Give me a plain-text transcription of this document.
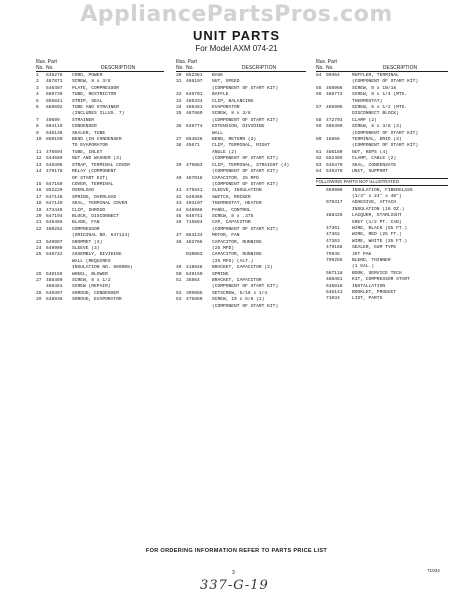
AppliancePartsPros.com
UNIT PARTS
For Model AXM 074-21
Illus. Part
No. No.	DESCRIPTION
1	646276	CORD, POWER
2	487871	SCREW, 8 x 3/8
3	646497	PLATE, COMPRESSOR
4	680739	TUBE, RESTRICTOR
5	855841	STRIP, SEAL
6	689692	TUBE AND STRAINER
(INCLUDES ILLUS. 7)
7	49699	STRAINER
8	694119	CONDENSER
9	646136	SEALER, TUBE
10 850199	BEND (IN CONDENSER
TO EVAPORATOR
11 476694	TUBE, INLET
12 544589	NUT AND WASHER (3)
13 648398	STRAP, TERMINAL COVER
14 479178	RELAY (COMPONENT
OF START KIT)
15 647150	COVER, TERMINAL
16 852229	OVERLOAD
17 647148	SPRING, OVERLOAD
18 647149	SEAL, TERMINAL COVER
19 473445	CLIP, SHROUD
20 647194	BLOCK, DISCONNECT
21 649465	BLADE, FAN
22 480262	COMPRESSOR
(ORIGINAL NO. 647124)
23 649997	GROMMET (3)
24 649909	SLEEVE (3)
25 648742	ASSEMBLY, DIVIDING
WALL (REQUIRES
INSULATION NO. 669908)
26 649159	WHEEL, BLOWER
27 488480	SCREW, 8 x 1/2
488481	SCREW (REPAIR)
28 649397	SHROUD, CONDENSER
29 648936	SHROUD, EVAPORATOR
Illus. Part
No. No.	DESCRIPTION
30 852361	BASE
31 486197	NUT, SPEED
(COMPONENT OF START KIT)
32 646791	BAFFLE
33 485334	CLIP, BALANCING
34 486461	EVAPORATOR
35 487869	SCREW, 8 x 3/8
(COMPONENT OF START KIT)
36 649774	EXTENSION, DIVIDING
WALL
37 854626	BEND, RETURN (3)
38 45671	CLIP, TERMINAL, RIGHT
ANGLE (2)
(COMPONENT OF START KIT)
39 479883	CLIP, TERMINAL, STRAIGHT (4)
(COMPONENT OF START KIT)
40 467018	CAPACITOR, 25 MFD
(COMPONENT OF START KIT)
41 475841	SLEEVE, INSULATION
42 649366	SWITCH, ROCKER
43 403107	THERMOSTAT, HEATER
44 648968	PANEL, CONTROL
45 646741	SCREW, 8 x .375
46 715894	CAP, CAPACITOR
(COMPONENT OF START KIT)
47 853134	MOTOR, FAN
48 482766	CAPACITOR, RUNNING
(25 MFD)
R20083	CAPACITOR, RUNNING
(25 MFD) (ALT.)
49 419848	BRACKET, CAPACITOR (2)
50 649159	SPRING
51 35864	BRACKET, CAPACITOR
(COMPONENT OF START KIT)
52 395085	SETSCREW, 5/16 x 1/4
53 475860	SCREW, 10 x 5/8 (2)
(COMPONENT OF START KIT)
Illus. Part
No. No.	DESCRIPTION
54 90464	MUFFLER, TERMINAL
(COMPONENT OF START KIT)
55 488966	SCREW, 8 x 10/16
56 486772	SCREW, 8 x 1/4 (MTG.
THERMOSTAT)
57 485905	SCREW, 6 x 1/2 (MTG.
DISCONNECT BLOCK)
58 472703	CLAMP (2)
59 595399	SCREW, 8 x 3/8 (3)
(COMPONENT OF START KIT)
60 16856	TERMINAL, DRIO (3)
(COMPONENT OF START KIT)
61 486180	NUT, KEPS (4)
62 652485	CLAMP, CABLE (2)
63 645470	SEAL, CONDENSATE
64 649379	UNIT, SUPPORT
FOLLOWING PARTS NOT ILLUSTRATED
669908	INSULATION, FIBERGLASS
(1/4" x 24" x 40")
970317	ADHESIVE, ATTACH
INSULATION (16 OZ.)
488426	LACQUER, STARLIGHT
GREY (1/2 PT. CAN)
47361	WIRE, BLACK (55 FT.)
47362	WIRE, RED (25 FT.)
47363	WIRE, WHITE (35 FT.)
479168	SEALER, GUM TYPE
79945	JET PAK
799255	BLEND, THINNER
(1 GAL.)
567118	BOOK, SERVICE TECH
488461	KIT, COMPRESSOR START
646918	INSTALLATION
646141	BOOKLET, PRODUCT
71034	LIST, PARTS
FOR ORDERING INFORMATION REFER TO PARTS PRICE LIST
3	71034
337-G-19
